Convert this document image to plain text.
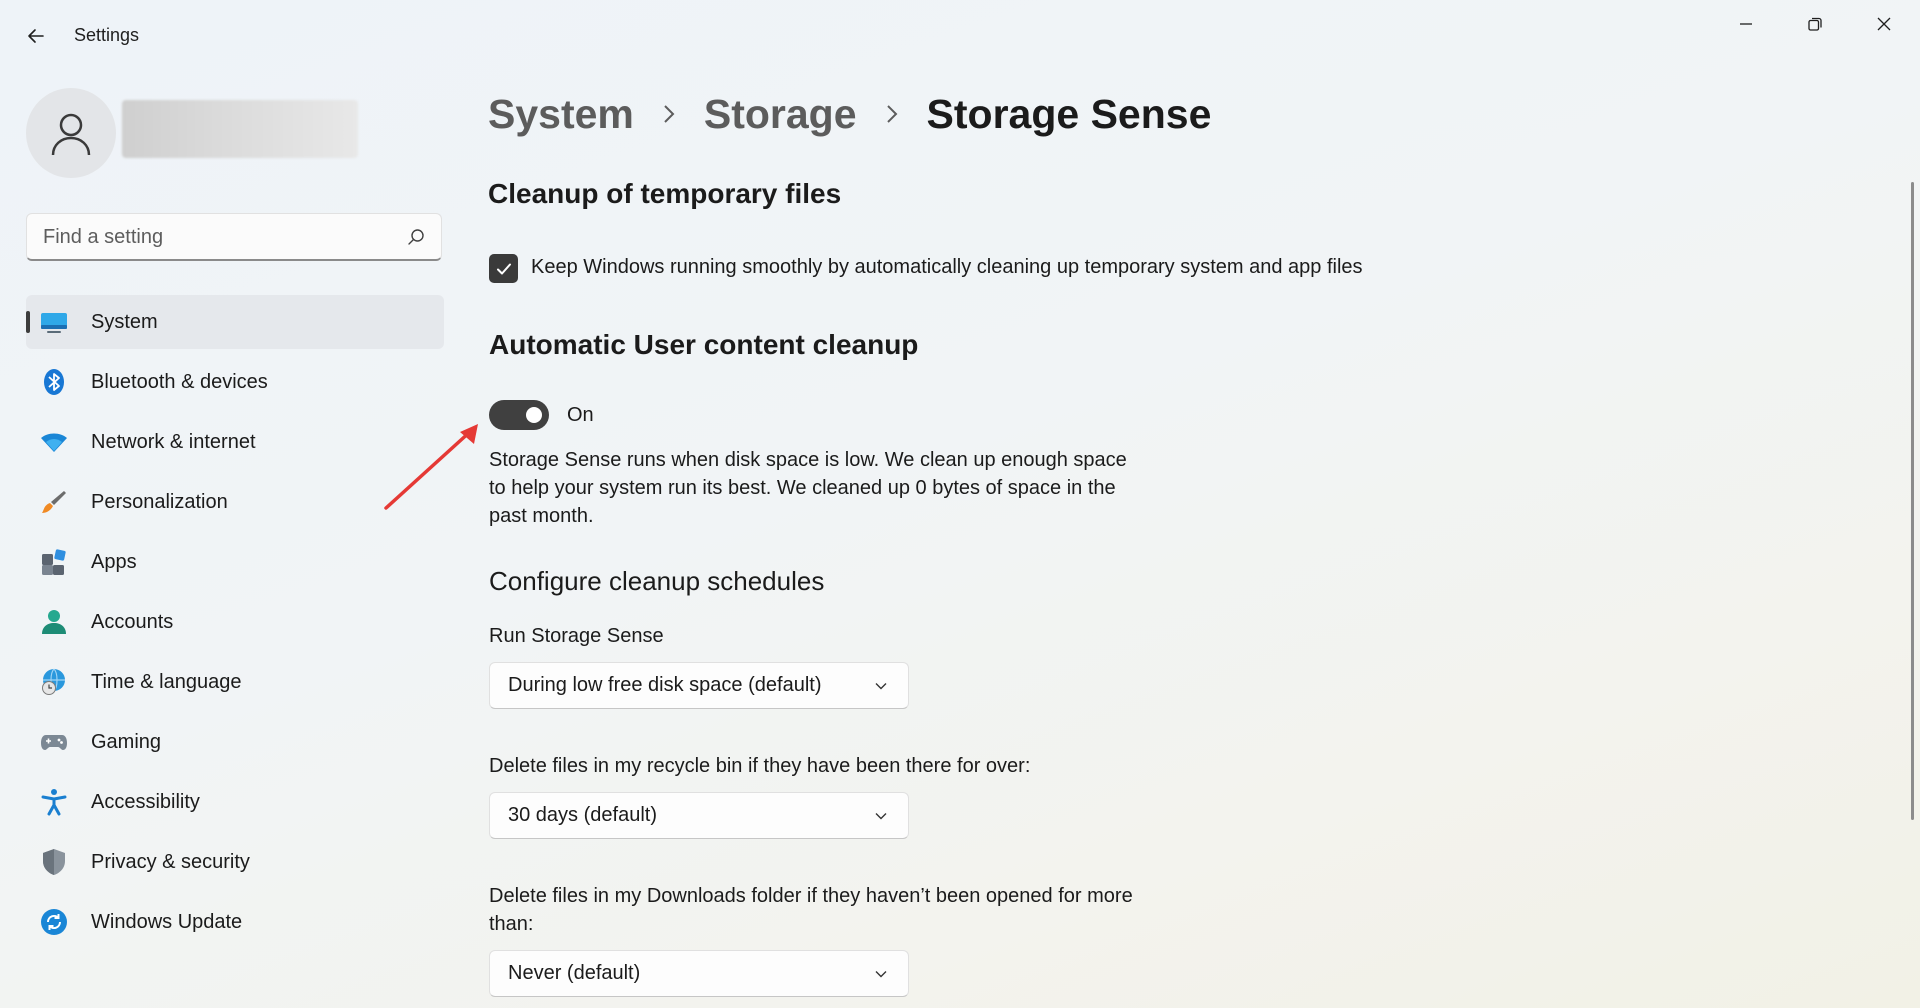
Settings
Find a setting
System
Bluetooth & devices
Network & internet
Personalization
Apps
Accounts
Time & language
Gaming
Accessibility
Privacy & security
Windows Update
System Storage Storage Sense
Cleanup of temporary files
Keep Windows running smoothly by automatically cleaning up temporary system and app files
Automatic User content cleanup
On
Storage Sense runs when disk space is low. We clean up enough space to help your system run its best. We cleaned up 0 bytes of space in the past month.
Configure cleanup schedules
Run Storage Sense
During low free disk space (default)
Delete files in my recycle bin if they have been there for over:
30 days (default)
Delete files in my Downloads folder if they haven’t been opened for more than:
Never (default)
